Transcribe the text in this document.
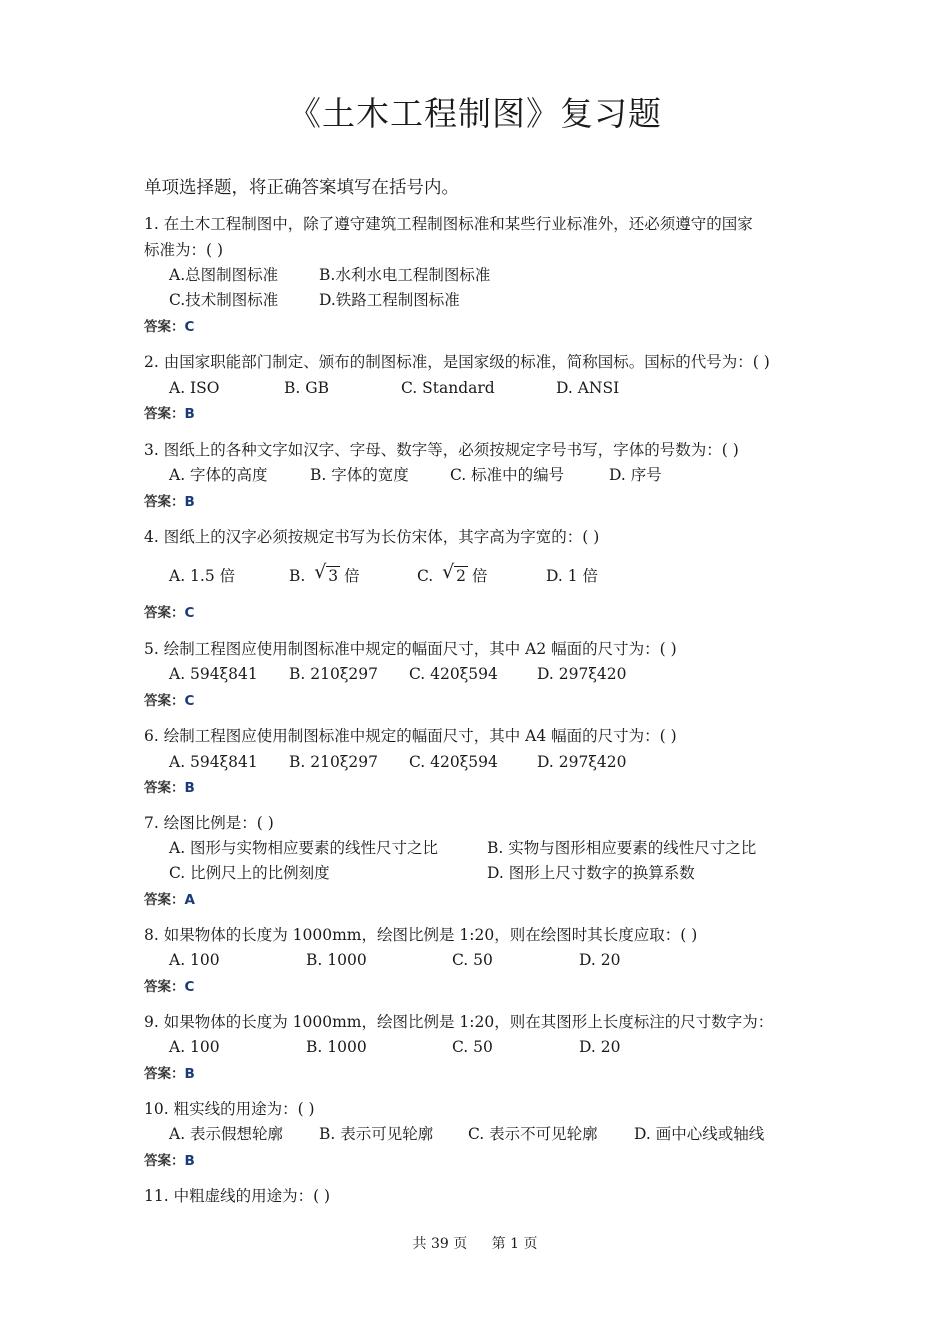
《土木工程制图》复习题
单项选择题，将正确答案填写在括号内。
1. 在土木工程制图中，除了遵守建筑工程制图标准和某些行业标准外，还必须遵守的国家
标准为：( )
A.总图制图标准	B.水利水电工程制图标准
C.技术制图标准	D.铁路工程制图标准
答案：C
2. 由国家职能部门制定、颁布的制图标准，是国家级的标准，简称国标。国标的代号为：( )
A. ISO	B. GB	C. Standard	D. ANSI
答案：B
3. 图纸上的各种文字如汉字、字母、数字等，必须按规定字号书写，字体的号数为：( )
A. 字体的高度	B. 字体的宽度	C. 标准中的编号	D. 序号
答案：B
4. 图纸上的汉字必须按规定书写为长仿宋体，其字高为字宽的：( )
A. 1.5 倍	B. √ 3 倍	C. √ 2 倍	D. 1 倍
答案：C
5. 绘制工程图应使用制图标准中规定的幅面尺寸，其中 A2 幅面的尺寸为：( )
A. 594ξ841 B. 210ξ297 C. 420ξ594	D. 297ξ420
答案：C
6. 绘制工程图应使用制图标准中规定的幅面尺寸，其中 A4 幅面的尺寸为：( )
A. 594ξ841 B. 210ξ297 C. 420ξ594	D. 297ξ420
答案：B
7. 绘图比例是：( )
A. 图形与实物相应要素的线性尺寸之比	B. 实物与图形相应要素的线性尺寸之比
C. 比例尺上的比例刻度	D. 图形上尺寸数字的换算系数
答案：A
8. 如果物体的长度为 1000mm，绘图比例是 1:20，则在绘图时其长度应取：( )
A. 100	B. 1000	C. 50	D. 20
答案：C
9. 如果物体的长度为 1000mm，绘图比例是 1:20，则在其图形上长度标注的尺寸数字为：
A. 100	B. 1000	C. 50	D. 20
答案：B
10. 粗实线的用途为：( )
A. 表示假想轮廓 B. 表示可见轮廓 C. 表示不可见轮廓 D. 画中心线或轴线
答案：B
11. 中粗虚线的用途为：( )
共 39 页 第 1 页
